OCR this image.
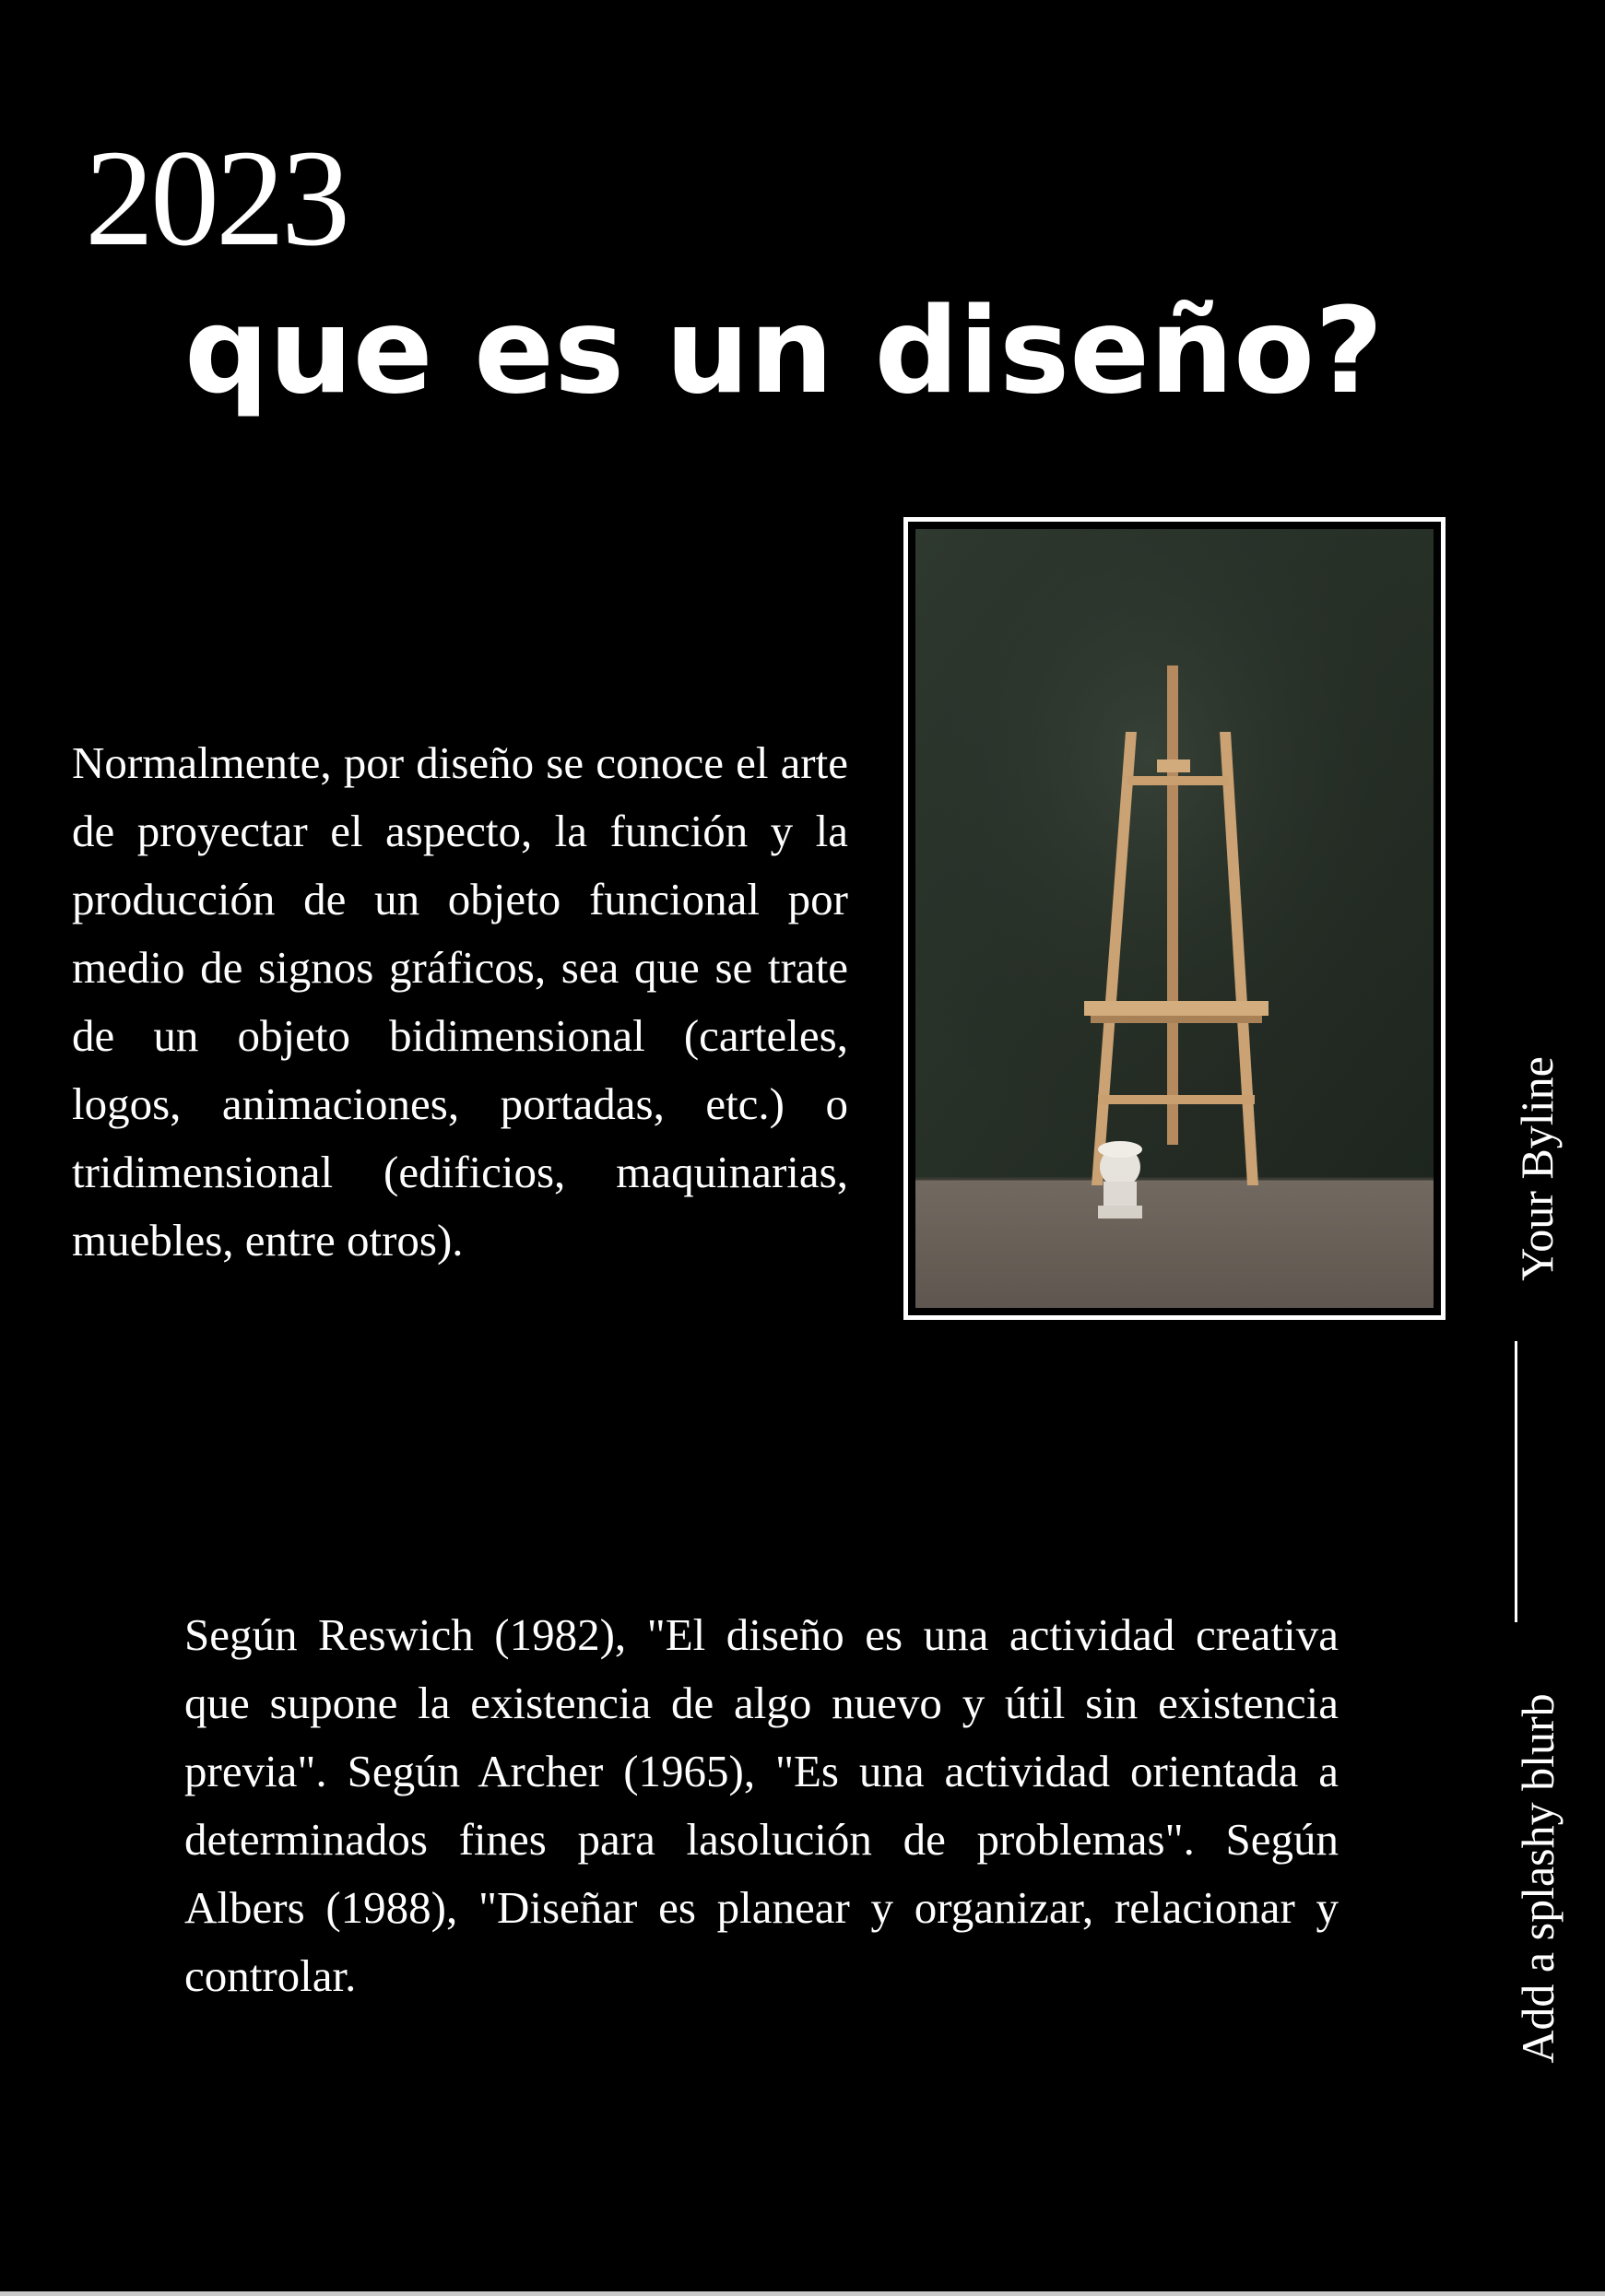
2023
que es un diseño?

Normalmente, por diseño se conoce el arte de proyectar el aspecto, la función y la producción de un objeto funcional por medio de signos gráficos, sea que se trate de un objeto bidimensional (carteles, logos, animaciones, portadas, etc.) o tridimensional (edificios, maquinarias, muebles, entre otros).	Your Byline

Add a splashy blurb

Según Reswich (1982), "El diseño es una actividad creativa que supone la existencia de algo nuevo y útil sin existencia previa". Según Archer (1965), "Es una actividad orientada a determinados fines para lasolución de problemas". Según Albers (1988), "Diseñar es planear y organizar, relacionar y controlar.
